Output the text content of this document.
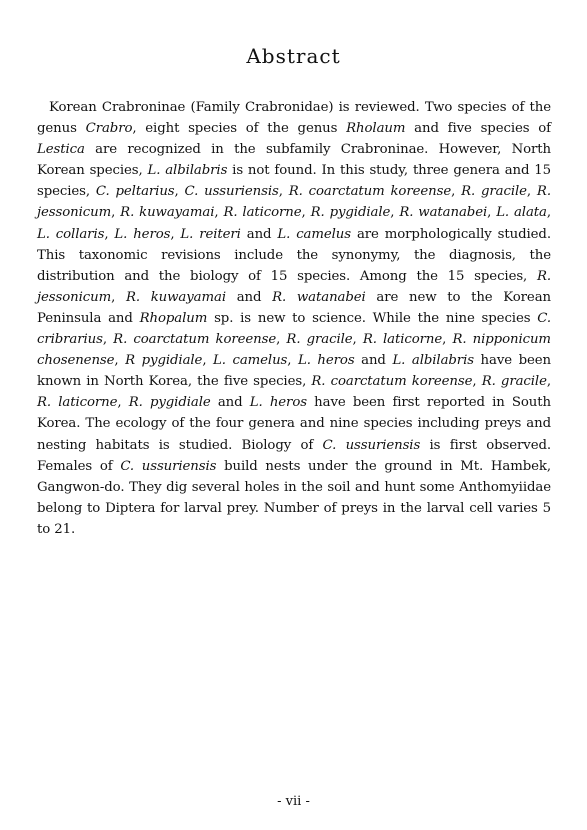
Abstract

Korean Crabroninae (Family Crabronidae) is reviewed. Two species of the genus Crabro, eight species of the genus Rholaum and five species of Lestica are recognized in the subfamily Crabroninae. However, North Korean species, L. albilabris is not found. In this study, three genera and 15 species, C. peltarius, C. ussuriensis, R. coarctatum koreense, R. gracile, R. jessonicum, R. kuwayamai, R. laticorne, R. pygidiale, R. watanabei, L. alata, L. collaris, L. heros, L. reiteri and L. camelus are morphologically studied. This taxonomic revisions include the synonymy, the diagnosis, the distribution and the biology of 15 species. Among the 15 species, R. jessonicum, R. kuwayamai and R. watanabei are new to the Korean Peninsula and Rhopalum sp. is new to science. While the nine species C. cribrarius, R. coarctatum koreense, R. gracile, R. laticorne, R. nipponicum chosenense, R pygidiale, L. camelus, L. heros and L. albilabris have been known in North Korea, the five species, R. coarctatum koreense, R. gracile, R. laticorne, R. pygidiale and L. heros have been first reported in South Korea. The ecology of the four genera and nine species including preys and nesting habitats is studied. Biology of C. ussuriensis is first observed. Females of C. ussuriensis build nests under the ground in Mt. Hambek, Gangwon-do. They dig several holes in the soil and hunt some Anthomyiidae belong to Diptera for larval prey. Number of preys in the larval cell varies 5 to 21.

- vii -
